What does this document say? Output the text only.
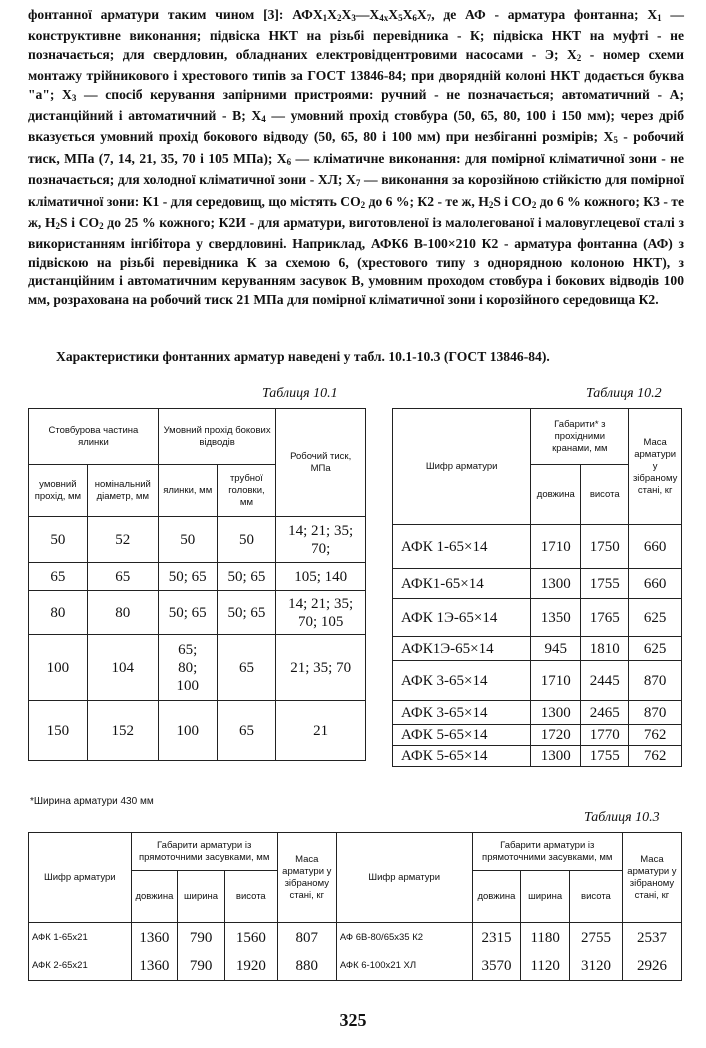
фонтанної арматури таким чином [3]: $АФХ_1Х_2Х_3—Х_{4x}Х_5Х_6Х_7$, де АФ - арматура фонтанна; $Х_1$ — конструктивне виконання; підвіска НКТ на різьбі перевідника - К; підвіска НКТ на муфті - не позначається; для свердловин, обладнаних електровідцентровими насосами - Э; $Х_2$ - номер схеми монтажу трійникового і хрестового типів за ГОСТ 13846-84; при дворядній колоні НКТ додається буква "а"; $Х_3$ — спосіб керування запірними пристроями: ручний - не позначається; автоматичний - А; дистанційний і автоматичний - В; $Х_4$ — умовний прохід стовбура (50, 65, 80, 100 і 150 мм); через дріб вказується умовний прохід бокового відводу (50, 65, 80 і 100 мм) при незбіганні розмірів; $Х_5$ - робочий тиск, МПа (7, 14, 21, 35, 70 і 105 МПа); $Х_6$ — кліматичне виконання: для помірної кліматичної зони - не позначається; для холодної кліматичної зони - ХЛ; $Х_7$ — виконання за корозійною стійкістю для помірної кліматичної зони: К1 - для середовищ, що містять $СО_2$ до 6 %; К2 - те ж, $H_2S$ і $СО_2$ до 6 % кожного; К3 - те ж, $H_2S$ і $СО_2$ до 25 % кожного; К2И - для арматури, виготовленої із малолегованої і маловуглецевої сталі з використанням інгібітора у свердловині. Наприклад, АФК6 В-100×210 К2 - арматура фонтанна (АФ) з підвіскою на різьбі перевідника К за схемою 6, (хрестового типу з однорядною колоною НКТ), з дистанційним і автоматичним керуванням засувок В, умовним проходом стовбура і бокових відводів 100 мм, розрахована на робочий тиск 21 МПа для помірної кліматичної зони і корозійного середовища К2.

Характеристики фонтанних арматур наведені у табл. 10.1-10.3 (ГОСТ 13846-84).

Таблиця 10.1
Стовбурова частина ялинки		Умовний прохід бокових відводів		Робочий тиск, МПа
умовний прохід, мм	номінальний діаметр, мм	ялинки, мм	трубної головки, мм	
50	52	50	50	14; 21; 35; 70;
65	65	50; 65	50; 65	105; 140
80	80	50; 65	50; 65	14; 21; 35; 70; 105
100	104	65; 80; 100	65	21; 35; 70
150	152	100	65	21
Таблиця 10.2
Шифр арматури	Габарити* з прохідними кранами, мм		Маса арматури у зібраному стані, кг
	довжина	висота	
АФК 1-65×14	1710	1750	660
АФК1-65×14	1300	1755	660
АФК 1Э-65×14	1350	1765	625
АФК1Э-65×14	945	1810	625
АФК 3-65×14	1710	2445	870
АФК 3-65×14	1300	2465	870
АФК 5-65×14	1720	1770	762
АФК 5-65×14	1300	1755	762
*Ширина арматури 430 мм
Таблиця 10.3
Шифр арматури	Габарити арматури із прямоточними засувками, мм			Маса арматури у зібраному стані, кг	Шифр арматури	Габарити арматури із прямоточними засувками, мм			Маса арматури у зібраному стані, кг
	довжина	ширина	висота			довжина	ширина	висота	
АФК 1-65х21	1360	790	1560	807	АФ 6В-80/65х35 К2	2315	1180	2755	2537
АФК 2-65х21	1360	790	1920	880	АФК 6-100х21 ХЛ	3570	1120	3120	2926
325
